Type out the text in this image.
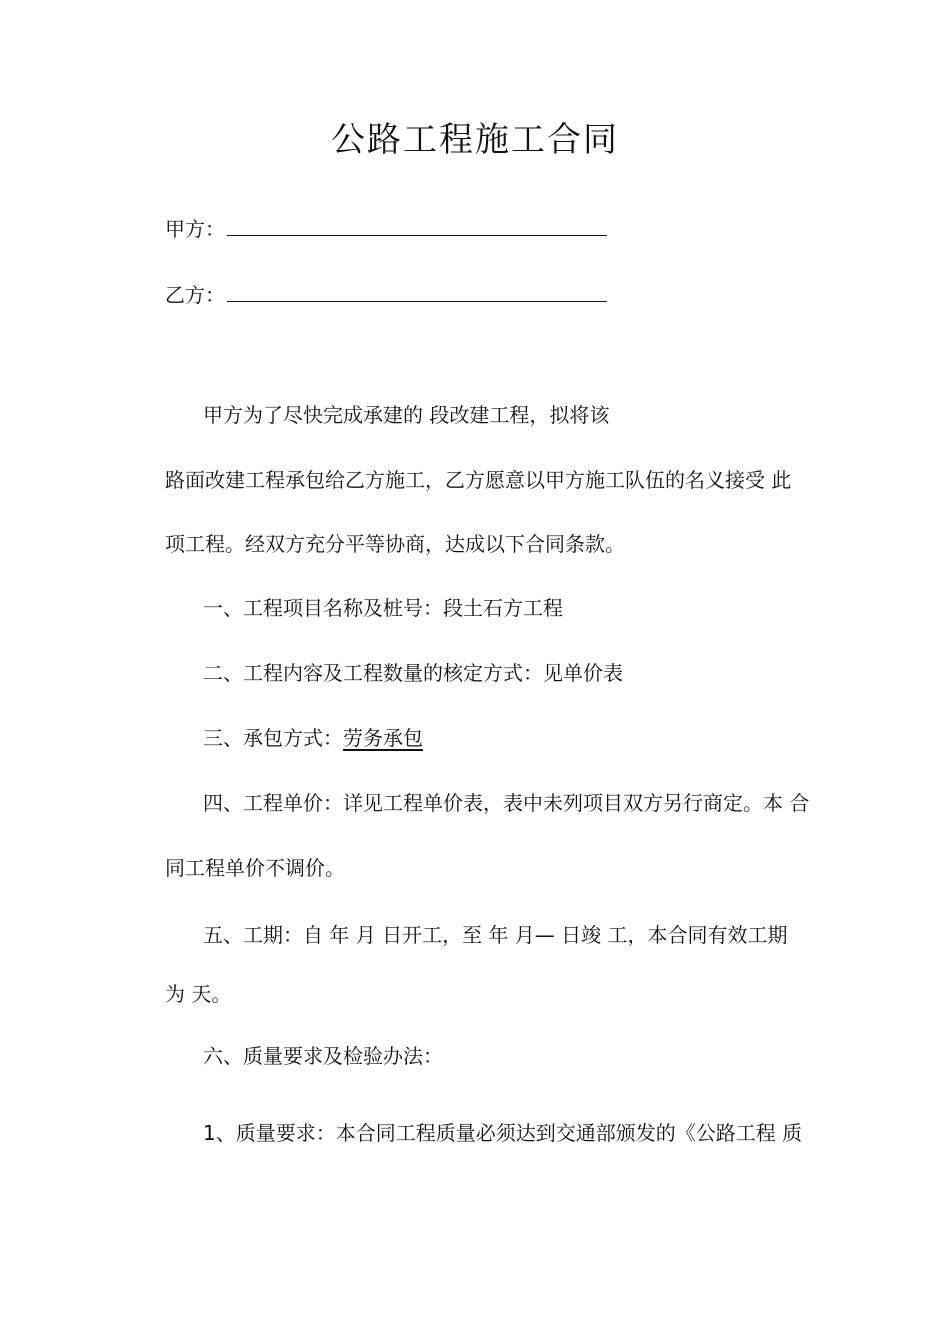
公路工程施工合同
甲方：
乙方：
甲方为了尽快完成承建的 段改建工程，拟将该
路面改建工程承包给乙方施工，乙方愿意以甲方施工队伍的名义接受 此
项工程。经双方充分平等协商，达成以下合同条款。
一、工程项目名称及桩号：段土石方工程
二、工程内容及工程数量的核定方式：见单价表
三、承包方式：劳务承包
四、工程单价：详见工程单价表，表中未列项目双方另行商定。本 合
同工程单价不调价。
五、工期：自 年 月 日开工，至 年 月— 日竣 工，本合同有效工期
为 天。
六、质量要求及检验办法：
1、质量要求：本合同工程质量必须达到交通部颁发的《公路工程 质
